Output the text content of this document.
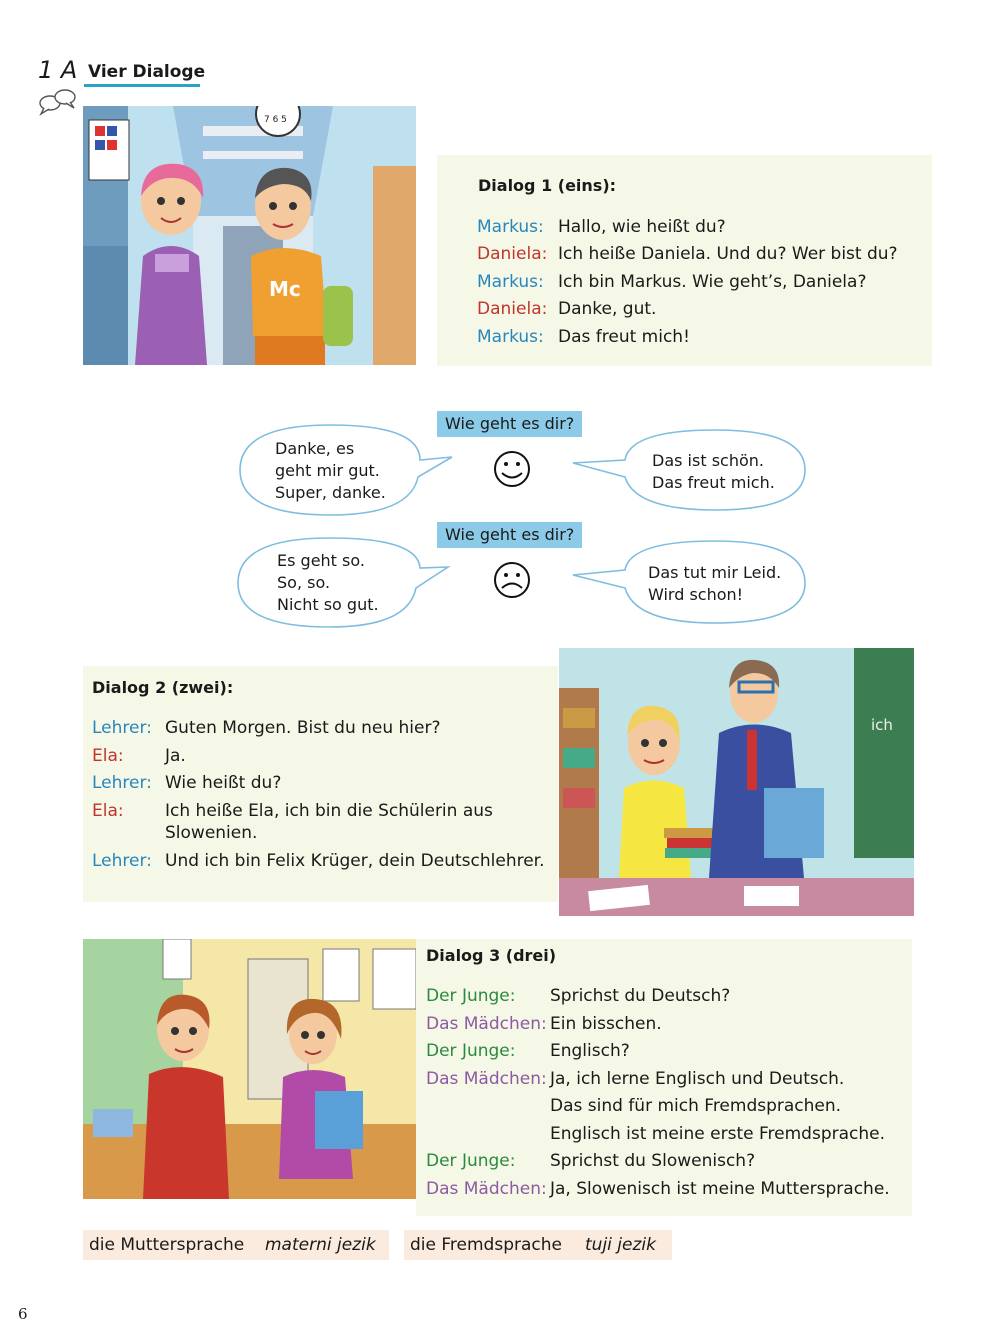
1 A Vier Dialoge
7 6 5
Mc
Dialog 1 (eins):
Markus: Hallo, wie heißt du?
Daniela: Ich heiße Daniela. Und du? Wer bist du?
Markus: Ich bin Markus. Wie geht’s, Daniela?
Daniela: Danke, gut.
Markus: Das freut mich!
Wie geht es dir?
Danke, es
geht mir gut.
Super, danke.
Das ist schön.
Das freut mich.
Wie geht es dir?
Es geht so.
So, so.
Nicht so gut.
Das tut mir Leid.
Wird schon!
Dialog 2 (zwei):
Lehrer: Guten Morgen. Bist du neu hier?
Ela: Ja.
Lehrer: Wie heißt du?
Ela: Ich heiße Ela, ich bin die Schülerin aus
Slowenien.
Lehrer: Und ich bin Felix Krüger, dein Deutschlehrer.
ich
Dialog 3 (drei)
Der Junge: Sprichst du Deutsch?
Das Mädchen: Ein bisschen.
Der Junge: Englisch?
Das Mädchen: Ja, ich lerne Englisch und Deutsch.
Das sind für mich Fremdsprachen.
Englisch ist meine erste Fremdsprache.
Der Junge: Sprichst du Slowenisch?
Das Mädchen: Ja, Slowenisch ist meine Muttersprache.
die Muttersprache materni jezik die Fremdsprache tuji jezik
6
